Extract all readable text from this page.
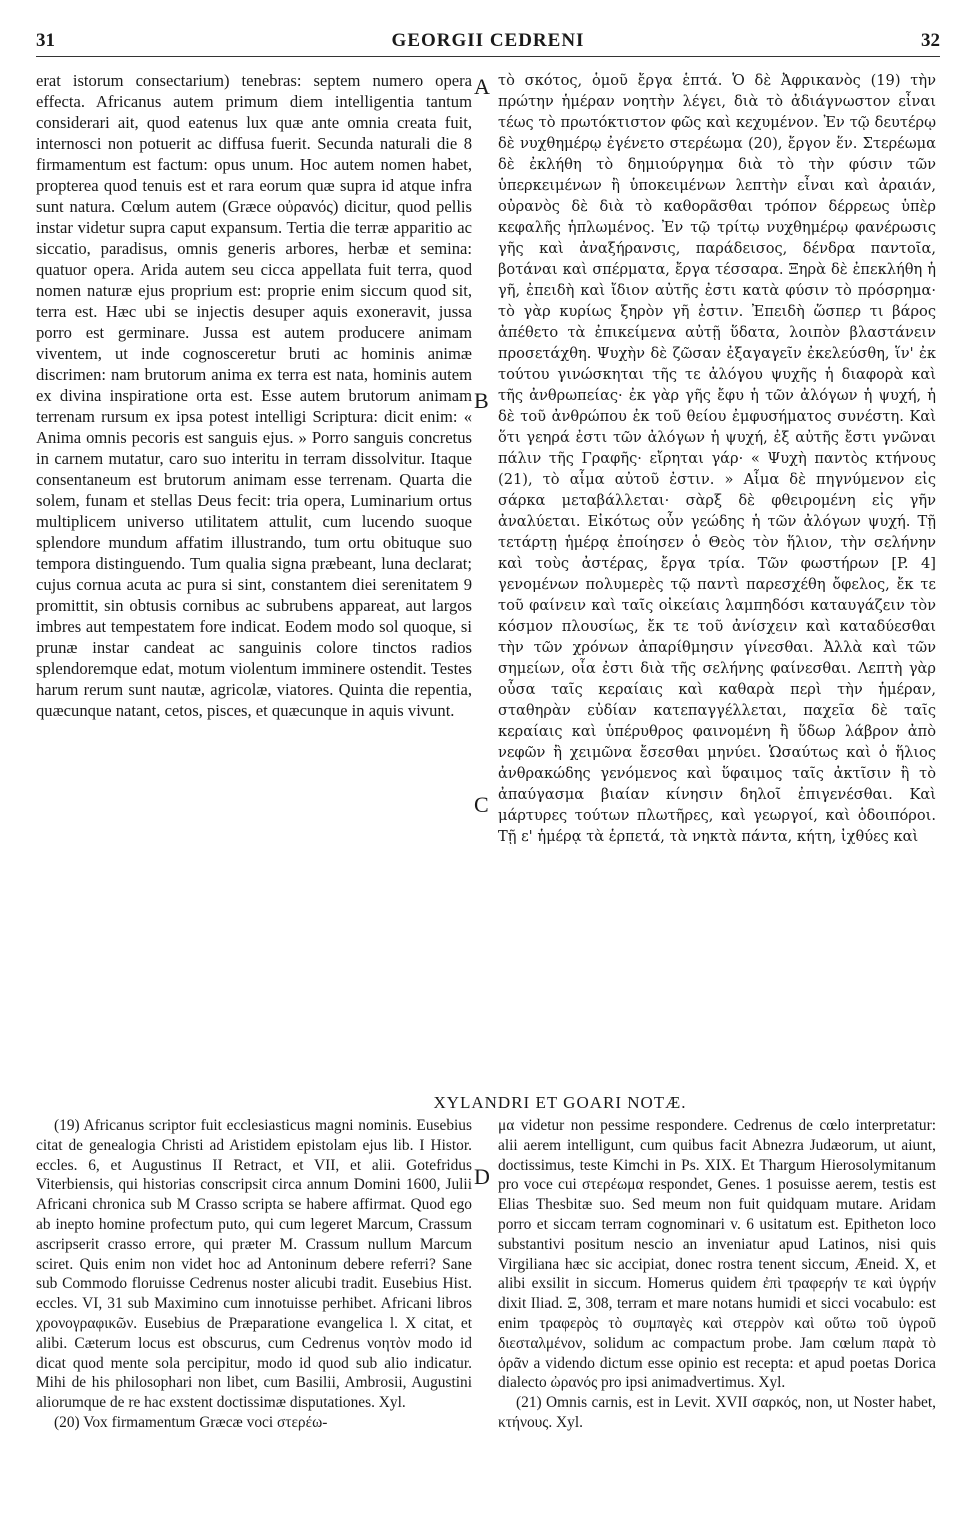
31	GEORGII CEDRENI	32
A
B
C
D

erat istorum consectarium) tenebras: septem numero opera effecta. Africanus autem primum diem intelligentia tantum considerari ait, quod eatenus lux quæ ante omnia creata fuit, internosci non potuerit ac diffusa fuerit. Secunda naturali die 8 firmamentum est factum: opus unum. Hoc autem nomen habet, propterea quod tenuis est et rara eorum quæ supra id atque infra sunt natura. Cœlum autem (Græce οὐρανός) dicitur, quod pellis instar videtur supra caput expansum. Tertia die terræ apparitio ac siccatio, paradisus, omnis generis arbores, herbæ et semina: quatuor opera. Arida autem seu cicca appellata fuit terra, quod nomen naturæ ejus proprium est: proprie enim siccum quod sit, terra est. Hæc ubi se injectis desuper aquis exoneravit, jussa porro est germinare. Jussa est autem producere animam viventem, ut inde cognosceretur bruti ac hominis animæ discrimen: nam brutorum anima ex terra est nata, hominis autem ex divina inspiratione orta est. Esse autem brutorum animam terrenam rursum ex ipsa potest intelligi Scriptura: dicit enim: « Anima omnis pecoris est sanguis ejus. » Porro sanguis concretus in carnem mutatur, caro suo interitu in terram dissolvitur. Itaque consentaneum est brutorum animam esse terrenam. Quarta die solem, funam et stellas Deus fecit: tria opera, Luminarium ortus multiplicem universo utilitatem attulit, cum lucendo suoque splendore mundum affatim illustrando, tum ortu obituque suo tempora distinguendo. Tum qualia signa præbeant, luna declarat; cujus cornua acuta ac pura si sint, constantem diei serenitatem 9 promittit, sin obtusis cornibus ac subrubens appareat, aut largos imbres aut tempestatem fore indicat. Eodem modo sol quoque, si prunæ instar candeat ac sanguinis colore tinctos radios splendoremque edat, motum violentum imminere ostendit. Testes harum rerum sunt nautæ, agricolæ, viatores. Quinta die repentia, quæcunque natant, cetos, pisces, et quæcunque in aquis vivunt.

τὸ σκότος, ὁμοῦ ἔργα ἑπτά. Ὁ δὲ Ἀφρικανὸς (19) τὴν πρώτην ἡμέραν νοητὴν λέγει, διὰ τὸ ἀδιάγνωστον εἶναι τέως τὸ πρωτόκτιστον φῶς καὶ κεχυμένον. Ἐν τῷ δευτέρῳ δὲ νυχθημέρῳ ἐγένετο στερέωμα (20), ἔργον ἕν. Στερέωμα δὲ ἐκλήθη τὸ δημιούργημα διὰ τὸ τὴν φύσιν τῶν ὑπερκειμένων ἢ ὑποκειμένων λεπτὴν εἶναι καὶ ἀραιάν, οὐρανὸς δὲ διὰ τὸ καθορᾶσθαι τρόπον δέρρεως ὑπὲρ κεφαλῆς ἡπλωμένος. Ἐν τῷ τρίτῳ νυχθημέρῳ φανέρωσις γῆς καὶ ἀναξήρανσις, παράδεισος, δένδρα παντοῖα, βοτάναι καὶ σπέρματα, ἔργα τέσσαρα. Ξηρὰ δὲ ἐπεκλήθη ἡ γῆ, ἐπειδὴ καὶ ἴδιον αὐτῆς ἐστι κατὰ φύσιν τὸ πρόσρημα· τὸ γὰρ κυρίως ξηρὸν γῆ ἐστιν. Ἐπειδὴ ὥσπερ τι βάρος ἀπέθετο τὰ ἐπικείμενα αὐτῇ ὕδατα, λοιπὸν βλαστάνειν προσετάχθη. Ψυχὴν δὲ ζῶσαν ἐξαγαγεῖν ἐκελεύσθη, ἵν' ἐκ τούτου γινώσκηται τῆς τε ἀλόγου ψυχῆς ἡ διαφορὰ καὶ τῆς ἀνθρωπείας· ἐκ γὰρ γῆς ἔφυ ἡ τῶν ἀλόγων ἡ ψυχή, ἡ δὲ τοῦ ἀνθρώπου ἐκ τοῦ θείου ἐμφυσήματος συνέστη. Καὶ ὅτι γεηρά ἐστι τῶν ἀλόγων ἡ ψυχή, ἐξ αὐτῆς ἔστι γνῶναι πάλιν τῆς Γραφῆς· εἴρηται γάρ· « Ψυχὴ παντὸς κτήνους (21), τὸ αἷμα αὐτοῦ ἐστιν. » Αἷμα δὲ πηγνύμενον εἰς σάρκα μεταβάλλεται· σὰρξ δὲ φθειρομένη εἰς γῆν ἀναλύεται. Εἰκότως οὖν γεώδης ἡ τῶν ἀλόγων ψυχή. Τῇ τετάρτῃ ἡμέρᾳ ἐποίησεν ὁ Θεὸς τὸν ἥλιον, τὴν σελήνην καὶ τοὺς ἀστέρας, ἔργα τρία. Τῶν φωστήρων [P. 4] γενομένων πολυμερὲς τῷ παντὶ παρεσχέθη ὄφελος, ἔκ τε τοῦ φαίνειν καὶ ταῖς οἰκείαις λαμπηδόσι καταυγάζειν τὸν κόσμον πλουσίως, ἔκ τε τοῦ ἀνίσχειν καὶ καταδύεσθαι τὴν τῶν χρόνων ἀπαρίθμησιν γίνεσθαι. Ἀλλὰ καὶ τῶν σημείων, οἷα ἐστι διὰ τῆς σελήνης φαίνεσθαι. Λεπτὴ γὰρ οὖσα ταῖς κεραίαις καὶ καθαρὰ περὶ τὴν ἡμέραν, σταθηρὰν εὐδίαν κατεπαγγέλλεται, παχεῖα δὲ ταῖς κεραίαις καὶ ὑπέρυθρος φαινομένη ἢ ὕδωρ λάβρον ἀπὸ νεφῶν ἢ χειμῶνα ἔσεσθαι μηνύει. Ὡσαύτως καὶ ὁ ἥλιος ἀνθρακώδης γενόμενος καὶ ὕφαιμος ταῖς ἀκτῖσιν ἢ τὸ ἀπαύγασμα βιαίαν κίνησιν δηλοῖ ἐπιγενέσθαι. Καὶ μάρτυρες τούτων πλωτῆρες, καὶ γεωργοί, καὶ ὁδοιπόροι. Τῇ ε' ἡμέρᾳ τὰ ἑρπετά, τὰ νηκτὰ πάντα, κήτη, ἰχθύες καὶ

XYLANDRI ET GOARI NOTÆ.

(19) Africanus scriptor fuit ecclesiasticus magni nominis. Eusebius citat de genealogia Christi ad Aristidem epistolam ejus lib. I Histor. eccles. 6, et Augustinus II Retract, et VII, et alii. Gotefridus Viterbiensis, qui historias conscripsit circa annum Domini 1600, Julii Africani chronica sub M Crasso scripta se habere affirmat. Quod ego ab inepto homine profectum puto, qui cum legeret Marcum, Crassum ascripserit crasso errore, qui præter M. Crassum nullum Marcum sciret. Quis enim non videt hoc ad Antoninum debere referri? Sane sub Commodo floruisse Cedrenus noster alicubi tradit. Eusebius Hist. eccles. VI, 31 sub Maximino cum innotuisse perhibet. Africani libros χρονογραφικῶν. Eusebius de Præparatione evangelica l. X citat, et alibi. Cæterum locus est obscurus, cum Cedrenus νοητὸν modo id dicat quod mente sola percipitur, modo id quod sub alio indicatur. Mihi de his philosophari non libet, cum Basilii, Ambrosii, Augustini aliorumque de re hac exstent doctissimæ disputationes. Xyl.

(20) Vox firmamentum Græcæ voci στερέω-

μα videtur non pessime respondere. Cedrenus de cœlo interpretatur: alii aerem intelligunt, cum quibus facit Abnezra Judæorum, ut aiunt, doctissimus, teste Kimchi in Ps. XIX. Et Thargum Hierosolymitanum pro voce cui στερέωμα respondet, Genes. 1 posuisse aerem, testis est Elias Thesbitæ suo. Sed meum non fuit quidquam mutare. Aridam porro et siccam terram cognominari v. 6 usitatum est. Epitheton loco substantivi positum nescio an inveniatur apud Latinos, nisi quis Virgiliana hæc sic accipiat, donec rostra tenent siccum, Æneid. X, et alibi exsilit in siccum. Homerus quidem ἐπὶ τραφερήν τε καὶ ὑγρήν dixit Iliad. Ξ, 308, terram et mare notans humidi et sicci vocabulo: est enim τραφερὸς τὸ συμπαγὲς καὶ στερρὸν καὶ οὕτω τοῦ ὑγροῦ διεσταλμένον, solidum ac compactum probe. Jam cœlum παρὰ τὸ ὁρᾶν a videndo dictum esse opinio est recepta: et apud poetas Dorica dialecto ὠρανός pro ipsi animadvertimus. Xyl.

(21) Omnis carnis, est in Levit. XVII σαρκός, non, ut Noster habet, κτήνους. Xyl.
